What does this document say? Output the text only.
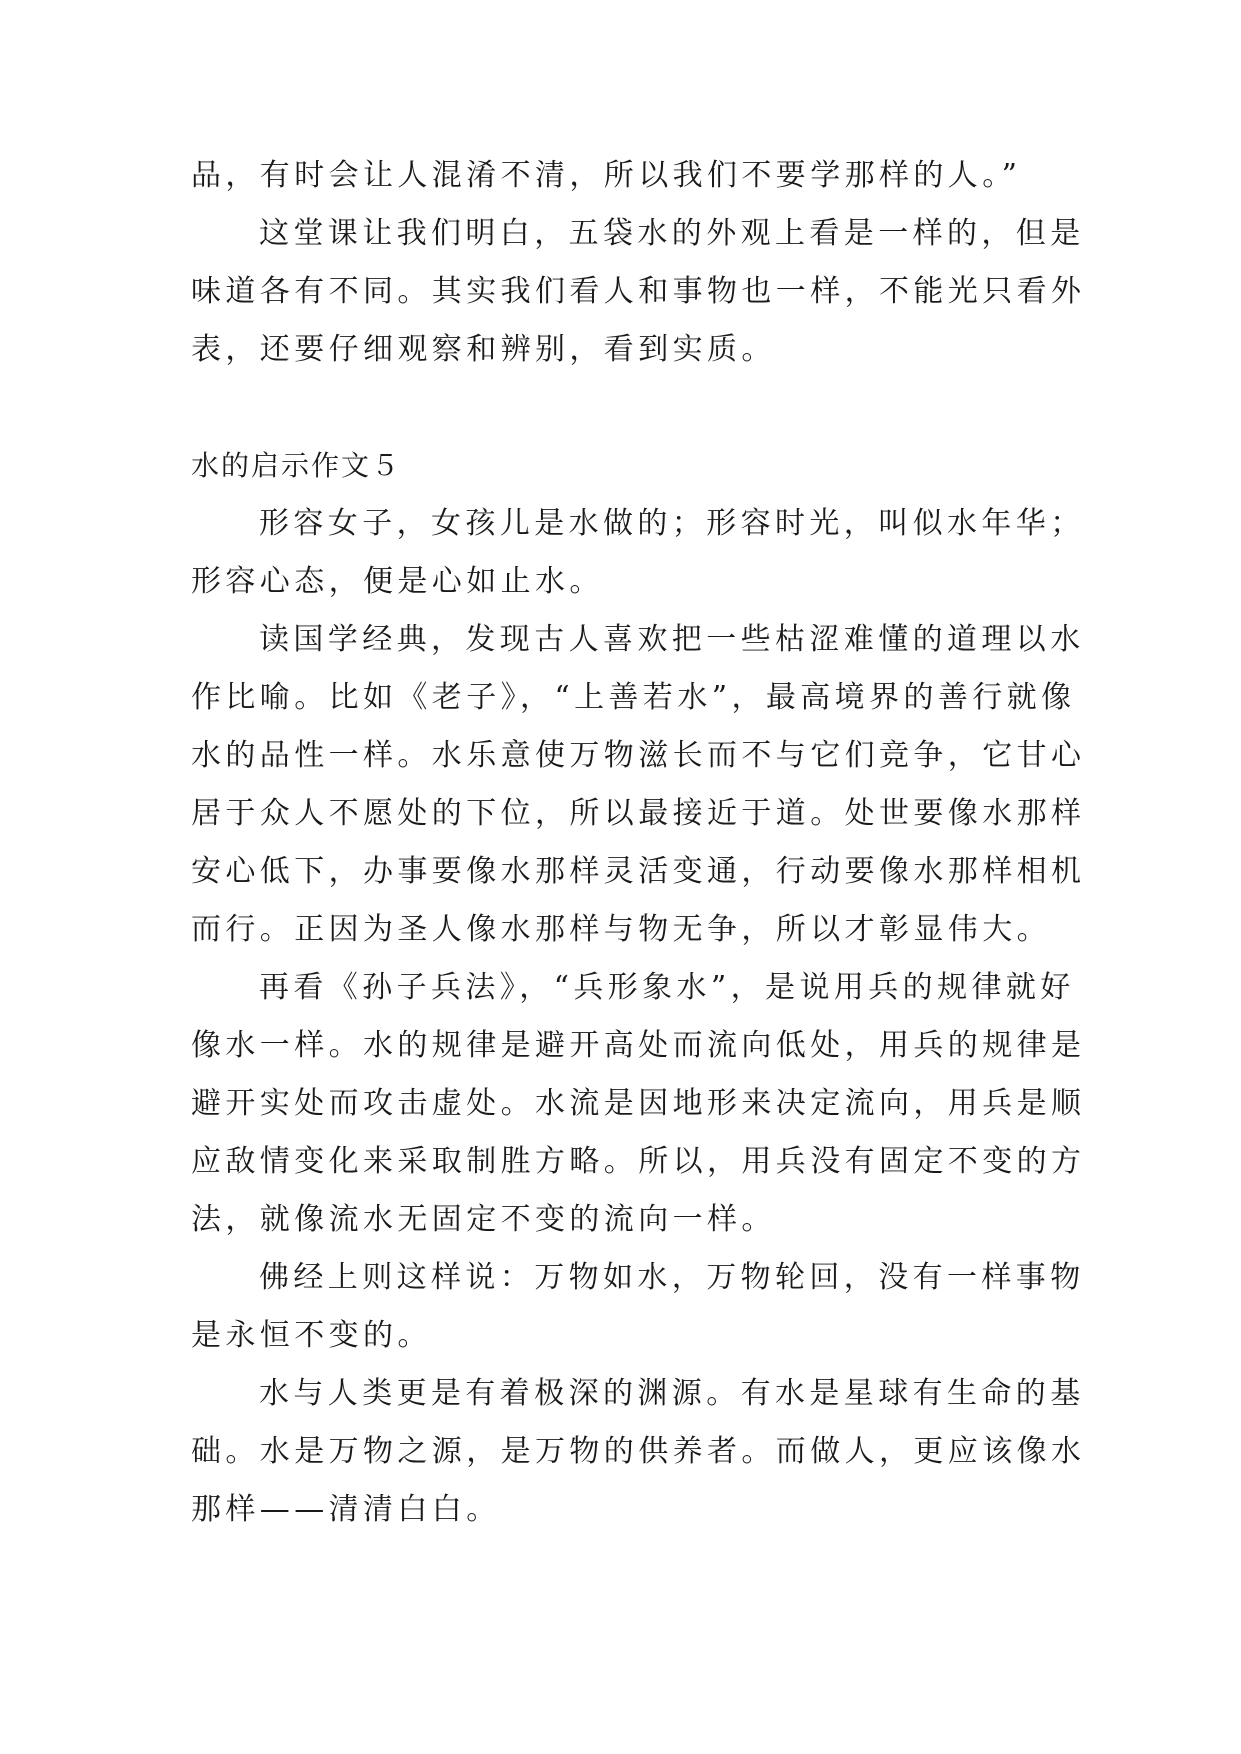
品，有时会让人混淆不清，所以我们不要学那样的人。”
这堂课让我们明白，五袋水的外观上看是一样的，但是
味道各有不同。其实我们看人和事物也一样，不能光只看外
表，还要仔细观察和辨别，看到实质。
水的启示作文５
形容女子，女孩儿是水做的；形容时光，叫似水年华；
形容心态，便是心如止水。
读国学经典，发现古人喜欢把一些枯涩难懂的道理以水
作比喻。比如《老子》，“上善若水”，最高境界的善行就像
水的品性一样。水乐意使万物滋长而不与它们竞争，它甘心
居于众人不愿处的下位，所以最接近于道。处世要像水那样
安心低下，办事要像水那样灵活变通，行动要像水那样相机
而行。正因为圣人像水那样与物无争，所以才彰显伟大。
再看《孙子兵法》，“兵形象水”，是说用兵的规律就好
像水一样。水的规律是避开高处而流向低处，用兵的规律是
避开实处而攻击虚处。水流是因地形来决定流向，用兵是顺
应敌情变化来采取制胜方略。所以，用兵没有固定不变的方
法，就像流水无固定不变的流向一样。
佛经上则这样说：万物如水，万物轮回，没有一样事物
是永恒不变的。
水与人类更是有着极深的渊源。有水是星球有生命的基
础。水是万物之源，是万物的供养者。而做人，更应该像水
那样——清清白白。
